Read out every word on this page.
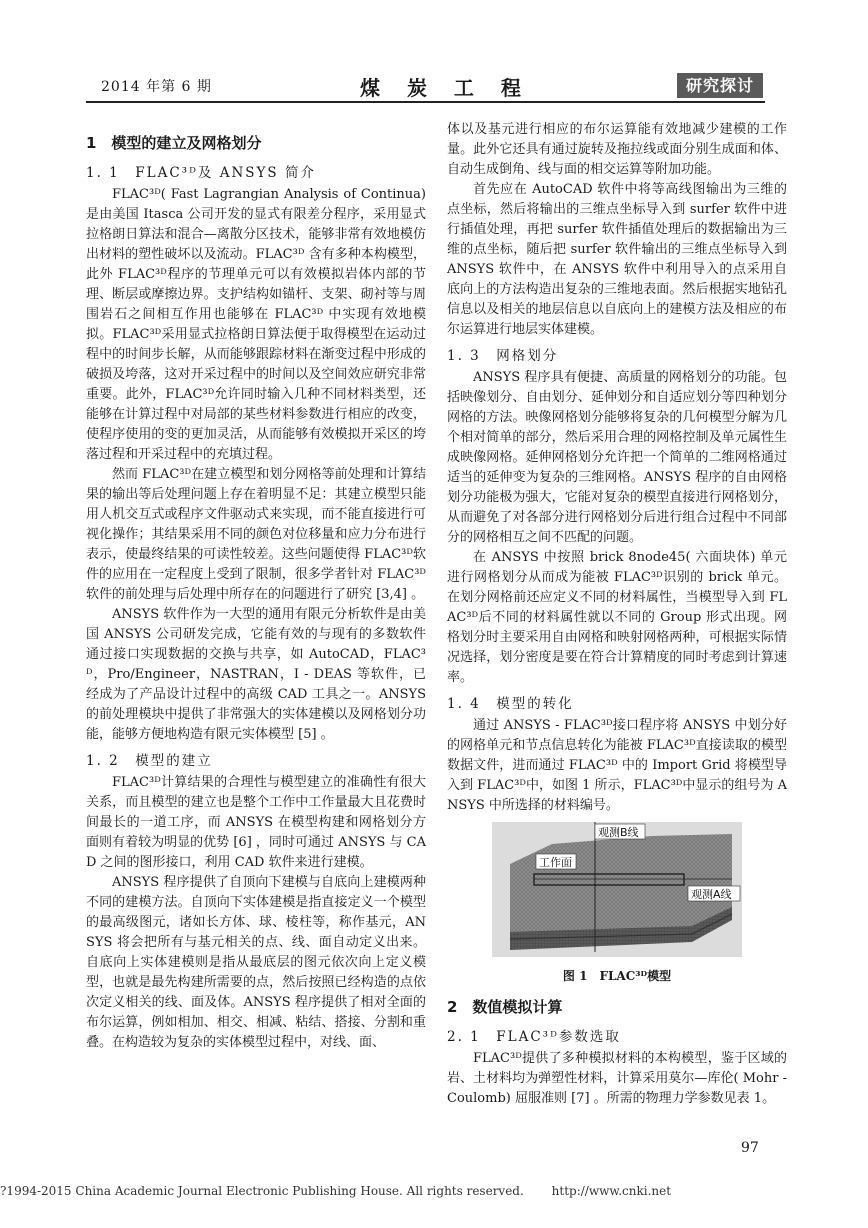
2014 年第 6 期	煤 炭 工 程	研究探讨
1　模型的建立及网格划分
1. 1　FLAC³ᴰ及 ANSYS 简介

FLAC³ᴰ( Fast Lagrangian Analysis of Continua) 是由美国 Itasca 公司开发的显式有限差分程序，采用显式拉格朗日算法和混合—离散分区技术，能够非常有效地模仿出材料的塑性破坏以及流动。FLAC³ᴰ 含有多种本构模型，此外 FLAC³ᴰ程序的节理单元可以有效模拟岩体内部的节理、断层或摩擦边界。支护结构如锚杆、支架、砌衬等与周围岩石之间相互作用也能够在 FLAC³ᴰ 中实现有效地模拟。FLAC³ᴰ采用显式拉格朗日算法便于取得模型在运动过程中的时间步长解，从而能够跟踪材料在渐变过程中形成的破损及垮落，这对开采过程中的时间以及空间效应研究非常重要。此外，FLAC³ᴰ允许同时输入几种不同材料类型，还能够在计算过程中对局部的某些材料参数进行相应的改变，使程序使用的变的更加灵活，从而能够有效模拟开采区的垮落过程和开采过程中的充填过程。

然而 FLAC³ᴰ在建立模型和划分网格等前处理和计算结果的输出等后处理问题上存在着明显不足：其建立模型只能用人机交互式或程序文件驱动式来实现，而不能直接进行可视化操作；其结果采用不同的颜色对位移量和应力分布进行表示，使最终结果的可读性较差。这些问题使得 FLAC³ᴰ软件的应用在一定程度上受到了限制，很多学者针对 FLAC³ᴰ软件的前处理与后处理中所存在的问题进行了研究 [3,4] 。

ANSYS 软件作为一大型的通用有限元分析软件是由美国 ANSYS 公司研发完成，它能有效的与现有的多数软件通过接口实现数据的交换与共享，如 AutoCAD，FLAC³ᴰ，Pro/Engineer，NASTRAN，I - DEAS 等软件，已经成为了产品设计过程中的高级 CAD 工具之一。ANSYS 的前处理模块中提供了非常强大的实体建模以及网格划分功能，能够方便地构造有限元实体模型 [5] 。

1. 2　模型的建立

FLAC³ᴰ计算结果的合理性与模型建立的准确性有很大关系，而且模型的建立也是整个工作中工作量最大且花费时间最长的一道工序，而 ANSYS 在模型构建和网格划分方面则有着较为明显的优势 [6] ，同时可通过 ANSYS 与 CAD 之间的图形接口，利用 CAD 软件来进行建模。

ANSYS 程序提供了自顶向下建模与自底向上建模两种不同的建模方法。自顶向下实体建模是指直接定义一个模型的最高级图元，诸如长方体、球、棱柱等，称作基元，ANSYS 将会把所有与基元相关的点、线、面自动定义出来。自底向上实体建模则是指从最底层的图元依次向上定义模型，也就是最先构建所需要的点，然后按照已经构造的点依次定义相关的线、面及体。ANSYS 程序提供了相对全面的布尔运算，例如相加、相交、相减、粘结、搭接、分割和重叠。在构造较为复杂的实体模型过程中，对线、面、

体以及基元进行相应的布尔运算能有效地减少建模的工作量。此外它还具有通过旋转及拖拉线或面分别生成面和体、自动生成倒角、线与面的相交运算等附加功能。

首先应在 AutoCAD 软件中将等高线图输出为三维的点坐标，然后将输出的三维点坐标导入到 surfer 软件中进行插值处理，再把 surfer 软件插值处理后的数据输出为三维的点坐标，随后把 surfer 软件输出的三维点坐标导入到 ANSYS 软件中，在 ANSYS 软件中利用导入的点采用自底向上的方法构造出复杂的三维地表面。然后根据实地钻孔信息以及相关的地层信息以自底向上的建模方法及相应的布尔运算进行地层实体建模。

1. 3　网格划分

ANSYS 程序具有便捷、高质量的网格划分的功能。包括映像划分、自由划分、延伸划分和自适应划分等四种划分网格的方法。映像网格划分能够将复杂的几何模型分解为几个相对简单的部分，然后采用合理的网格控制及单元属性生成映像网格。延伸网格划分允许把一个简单的二维网格通过适当的延伸变为复杂的三维网格。ANSYS 程序的自由网格划分功能极为强大，它能对复杂的模型直接进行网格划分，从而避免了对各部分进行网格划分后进行组合过程中不同部分的网格相互之间不匹配的问题。

在 ANSYS 中按照 brick 8node45( 六面块体) 单元进行网格划分从而成为能被 FLAC³ᴰ识别的 brick 单元。在划分网格前还应定义不同的材料属性，当模型导入到 FLAC³ᴰ后不同的材料属性就以不同的 Group 形式出现。网格划分时主要采用自由网格和映射网格两种，可根据实际情况选择，划分密度是要在符合计算精度的同时考虑到计算速率。

1. 4　模型的转化

通过 ANSYS - FLAC³ᴰ接口程序将 ANSYS 中划分好的网格单元和节点信息转化为能被 FLAC³ᴰ直接读取的模型数据文件，进而通过 FLAC³ᴰ 中的 Import Grid 将模型导入到 FLAC³ᴰ中，如图 1 所示，FLAC³ᴰ中显示的组号为 ANSYS 中所选择的材料编号。

观测B线
工作面
观测A线
图 1　FLAC³ᴰ模型
2　数值模拟计算
2. 1　FLAC³ᴰ参数选取

FLAC³ᴰ提供了多种模拟材料的本构模型，鉴于区域的岩、土材料均为弹塑性材料，计算采用莫尔—库伦( Mohr - Coulomb) 屈服准则 [7] 。所需的物理力学参数见表 1。

97
?1994-2015 China Academic Journal Electronic Publishing House. All rights reserved. http://www.cnki.net
